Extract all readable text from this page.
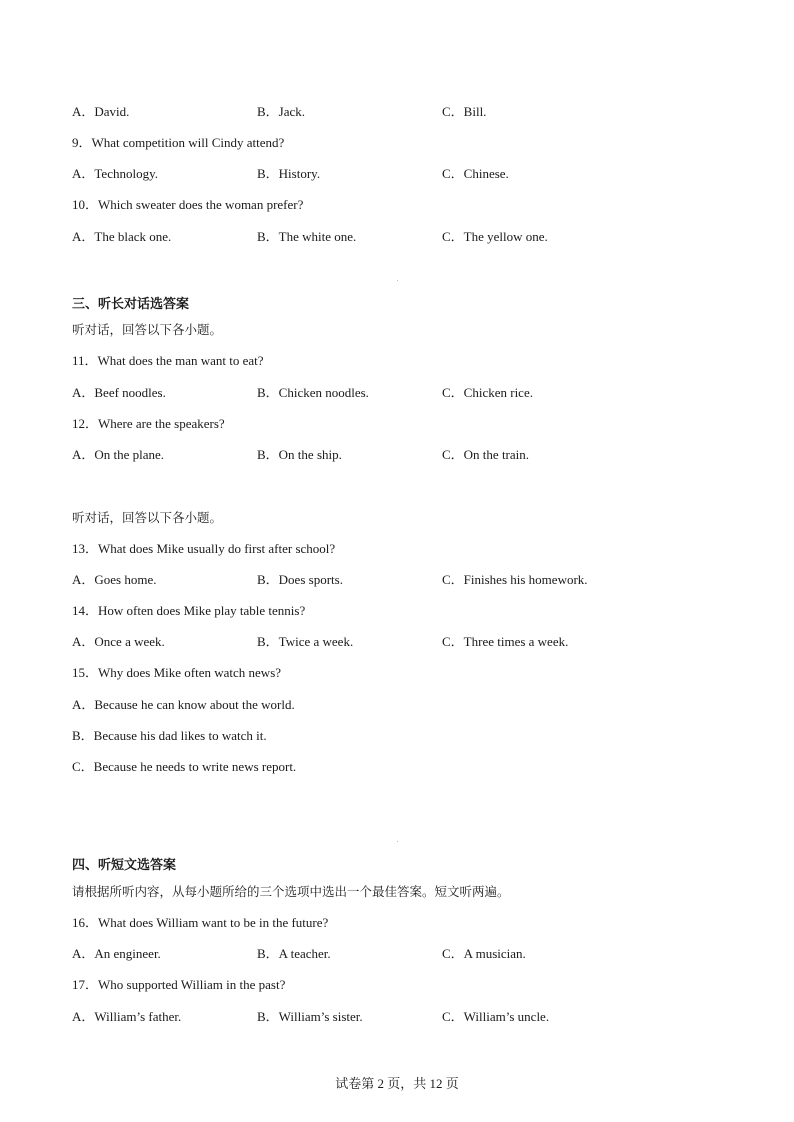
A．David.	B．Jack.	C．Bill.
9．What competition will Cindy attend?
A．Technology.	B．History.	C．Chinese.
10．Which sweater does the woman prefer?
A．The black one.	B．The white one.	C．The yellow one.
三、听长对话选答案
听对话，回答以下各小题。
11．What does the man want to eat?
A．Beef noodles.	B．Chicken noodles.	C．Chicken rice.
12．Where are the speakers?
A．On the plane.	B．On the ship.	C．On the train.
听对话，回答以下各小题。
13．What does Mike usually do first after school?
A．Goes home.	B．Does sports.	C．Finishes his homework.
14．How often does Mike play table tennis?
A．Once a week.	B．Twice a week.	C．Three times a week.
15．Why does Mike often watch news?
A．Because he can know about the world.
B．Because his dad likes to watch it.
C．Because he needs to write news report.
四、听短文选答案
请根据所听内容，从每小题所给的三个选项中选出一个最佳答案。短文听两遍。
16．What does William want to be in the future?
A．An engineer.	B．A teacher.	C．A musician.
17．Who supported William in the past?
A．William’s father.	B．William’s sister.	C．William’s uncle.
试卷第 2 页，共 12 页
